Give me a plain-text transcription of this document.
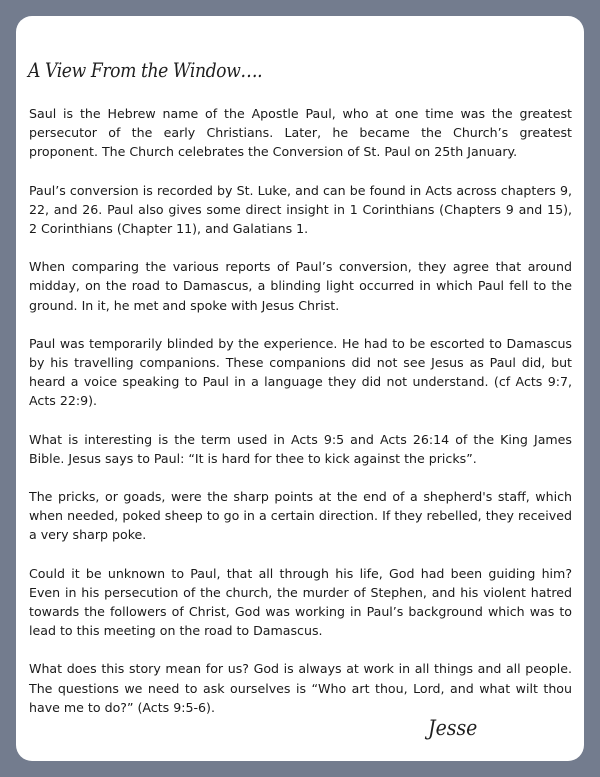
A View From the Window….

Saul is the Hebrew name of the Apostle Paul, who at one time was the greatest persecutor of the early Christians. Later, he became the Church’s greatest proponent. The Church celebrates the Conversion of St. Paul on 25th January.

Paul’s conversion is recorded by St. Luke, and can be found in Acts across chapters 9, 22, and 26. Paul also gives some direct insight in 1 Corinthians (Chapters 9 and 15), 2 Corinthians (Chapter 11), and Galatians 1.

When comparing the various reports of Paul’s conversion, they agree that around midday, on the road to Damascus, a blinding light occurred in which Paul fell to the ground. In it, he met and spoke with Jesus Christ.

Paul was temporarily blinded by the experience. He had to be escorted to Damascus by his travelling companions. These companions did not see Jesus as Paul did, but heard a voice speaking to Paul in a language they did not understand. (cf Acts 9:7, Acts 22:9).

What is interesting is the term used in Acts 9:5 and Acts 26:14 of the King James Bible. Jesus says to Paul: “It is hard for thee to kick against the pricks”.

The pricks, or goads, were the sharp points at the end of a shepherd's staff, which when needed, poked sheep to go in a certain direction. If they rebelled, they received a very sharp poke.

Could it be unknown to Paul, that all through his life, God had been guiding him? Even in his persecution of the church, the murder of Stephen, and his violent hatred towards the followers of Christ, God was working in Paul’s background which was to lead to this meeting on the road to Damascus.

What does this story mean for us? God is always at work in all things and all people. The questions we need to ask ourselves is “Who art thou, Lord, and what wilt thou have me to do?” (Acts 9:5-6).

Jesse
